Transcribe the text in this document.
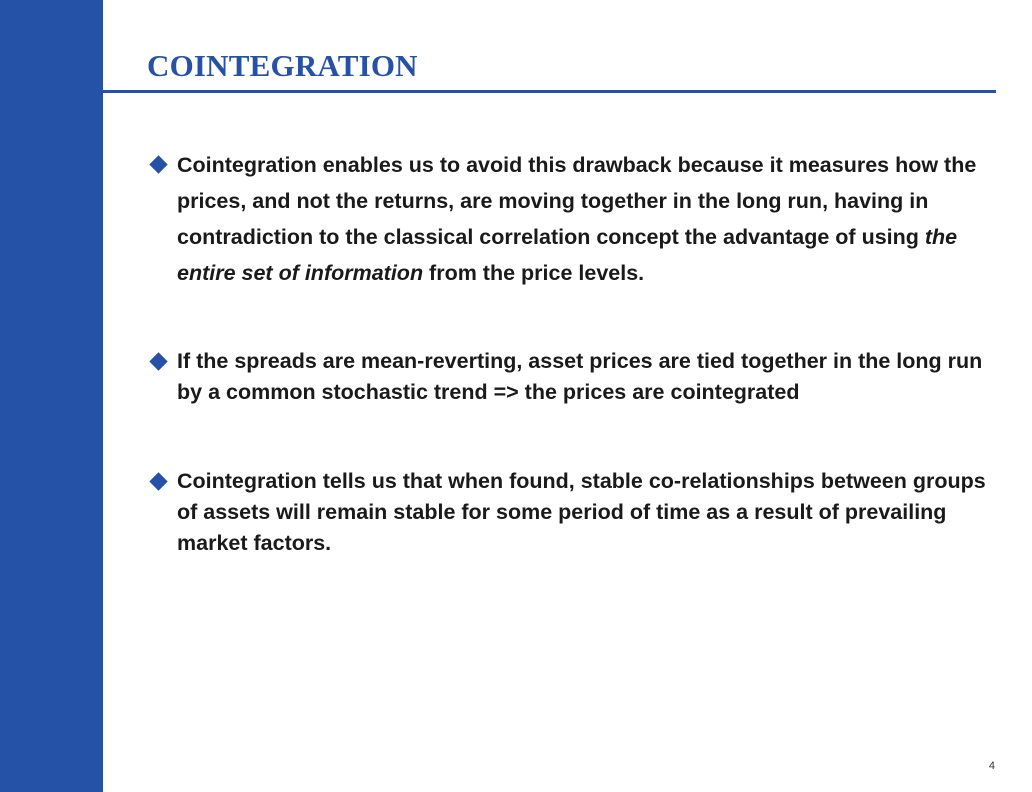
COINTEGRATION
Cointegration enables us to avoid this drawback because it measures how the prices, and not the returns, are moving together in the long run, having in contradiction to the classical correlation concept the advantage of using the entire set of information from the price levels.
If the spreads are mean-reverting, asset prices are tied together in the long run by a common stochastic trend => the prices are cointegrated
Cointegration tells us that when found, stable co-relationships between groups of assets will remain stable for some period of time as a result of prevailing market factors.
4
